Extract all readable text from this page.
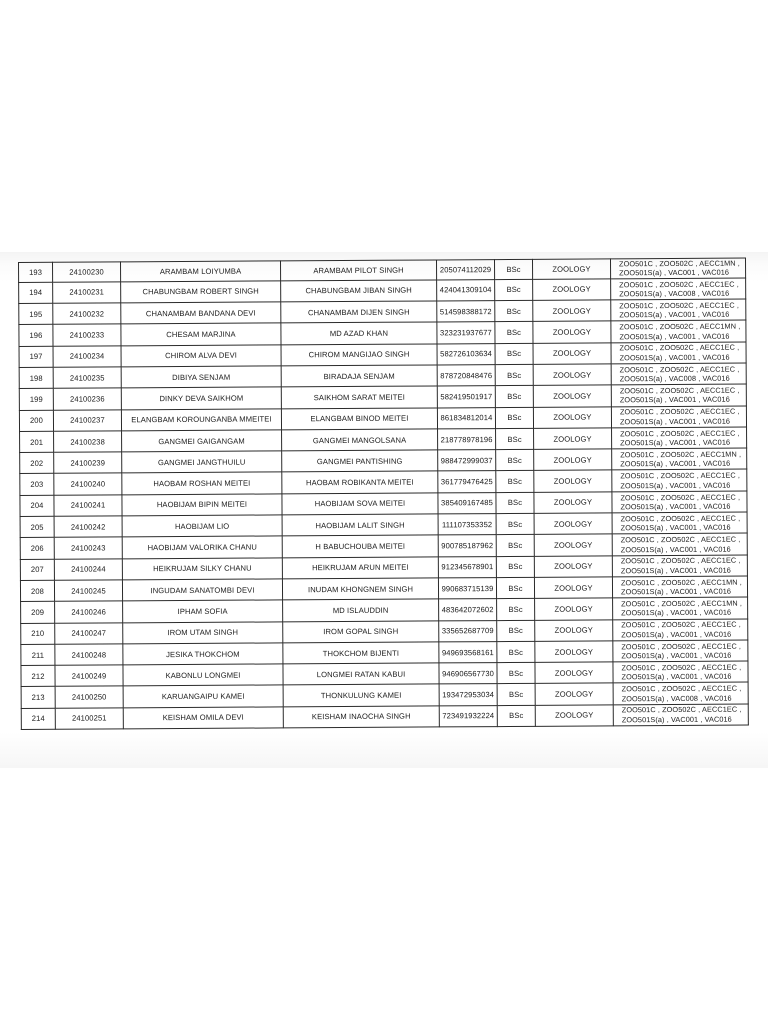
193	24100230	ARAMBAM LOIYUMBA	ARAMBAM PILOT SINGH	205074112029	BSc	ZOOLOGY	ZOO501C , ZOO502C , AECC1MN ,
ZOO501S(a) , VAC001 , VAC016

194	24100231	CHABUNGBAM ROBERT SINGH	CHABUNGBAM JIBAN SINGH	424041309104	BSc	ZOOLOGY	ZOO501C , ZOO502C , AECC1EC ,
ZOO501S(a) , VAC008 , VAC016

195	24100232	CHANAMBAM BANDANA DEVI	CHANAMBAM DIJEN SINGH	514598388172	BSc	ZOOLOGY	ZOO501C , ZOO502C , AECC1EC ,
ZOO501S(a) , VAC001 , VAC016

196	24100233	CHESAM MARJINA	MD AZAD KHAN	323231937677	BSc	ZOOLOGY	ZOO501C , ZOO502C , AECC1MN ,
ZOO501S(a) , VAC001 , VAC016

197	24100234	CHIROM ALVA DEVI	CHIROM MANGIJAO SINGH	582726103634	BSc	ZOOLOGY	ZOO501C , ZOO502C , AECC1EC ,
ZOO501S(a) , VAC001 , VAC016

198	24100235	DIBIYA SENJAM	BIRADAJA SENJAM	878720848476	BSc	ZOOLOGY	ZOO501C , ZOO502C , AECC1EC ,
ZOO501S(a) , VAC008 , VAC016

199	24100236	DINKY DEVA SAIKHOM	SAIKHOM SARAT MEITEI	582419501917	BSc	ZOOLOGY	ZOO501C , ZOO502C , AECC1EC ,
ZOO501S(a) , VAC001 , VAC016

200	24100237	ELANGBAM KOROUNGANBA MMEITEI	ELANGBAM BINOD MEITEI	861834812014	BSc	ZOOLOGY	ZOO501C , ZOO502C , AECC1EC ,
ZOO501S(a) , VAC001 , VAC016

201	24100238	GANGMEI GAIGANGAM	GANGMEI MANGOLSANA	218778978196	BSc	ZOOLOGY	ZOO501C , ZOO502C , AECC1EC ,
ZOO501S(a) , VAC001 , VAC016

202	24100239	GANGMEI JANGTHUILU	GANGMEI PANTISHING	988472999037	BSc	ZOOLOGY	ZOO501C , ZOO502C , AECC1MN ,
ZOO501S(a) , VAC001 , VAC016

203	24100240	HAOBAM ROSHAN MEITEI	HAOBAM ROBIKANTA MEITEI	361779476425	BSc	ZOOLOGY	ZOO501C , ZOO502C , AECC1EC ,
ZOO501S(a) , VAC001 , VAC016

204	24100241	HAOBIJAM BIPIN MEITEI	HAOBIJAM SOVA MEITEI	385409167485	BSc	ZOOLOGY	ZOO501C , ZOO502C , AECC1EC ,
ZOO501S(a) , VAC001 , VAC016

205	24100242	HAOBIJAM LIO	HAOBIJAM LALIT SINGH	111107353352	BSc	ZOOLOGY	ZOO501C , ZOO502C , AECC1EC ,
ZOO501S(a) , VAC001 , VAC016

206	24100243	HAOBIJAM VALORIKA CHANU	H BABUCHOUBA MEITEI	900785187962	BSc	ZOOLOGY	ZOO501C , ZOO502C , AECC1EC ,
ZOO501S(a) , VAC001 , VAC016

207	24100244	HEIKRUJAM SILKY CHANU	HEIKRUJAM ARUN MEITEI	912345678901	BSc	ZOOLOGY	ZOO501C , ZOO502C , AECC1EC ,
ZOO501S(a) , VAC001 , VAC016

208	24100245	INGUDAM SANATOMBI DEVI	INUDAM KHONGNEM SINGH	990683715139	BSc	ZOOLOGY	ZOO501C , ZOO502C , AECC1MN ,
ZOO501S(a) , VAC001 , VAC016

209	24100246	IPHAM SOFIA	MD ISLAUDDIN	483642072602	BSc	ZOOLOGY	ZOO501C , ZOO502C , AECC1MN ,
ZOO501S(a) , VAC001 , VAC016

210	24100247	IROM UTAM SINGH	IROM GOPAL SINGH	335652687709	BSc	ZOOLOGY	ZOO501C , ZOO502C , AECC1EC ,
ZOO501S(a) , VAC001 , VAC016

211	24100248	JESIKA THOKCHOM	THOKCHOM BIJENTI	949693568161	BSc	ZOOLOGY	ZOO501C , ZOO502C , AECC1EC ,
ZOO501S(a) , VAC001 , VAC016

212	24100249	KABONLU LONGMEI	LONGMEI RATAN KABUI	946906567730	BSc	ZOOLOGY	ZOO501C , ZOO502C , AECC1EC ,
ZOO501S(a) , VAC001 , VAC016

213	24100250	KARUANGAIPU KAMEI	THONKULUNG KAMEI	193472953034	BSc	ZOOLOGY	ZOO501C , ZOO502C , AECC1EC ,
ZOO501S(a) , VAC008 , VAC016

214	24100251	KEISHAM OMILA DEVI	KEISHAM INAOCHA SINGH	723491932224	BSc	ZOOLOGY	ZOO501C , ZOO502C , AECC1EC ,
ZOO501S(a) , VAC001 , VAC016
